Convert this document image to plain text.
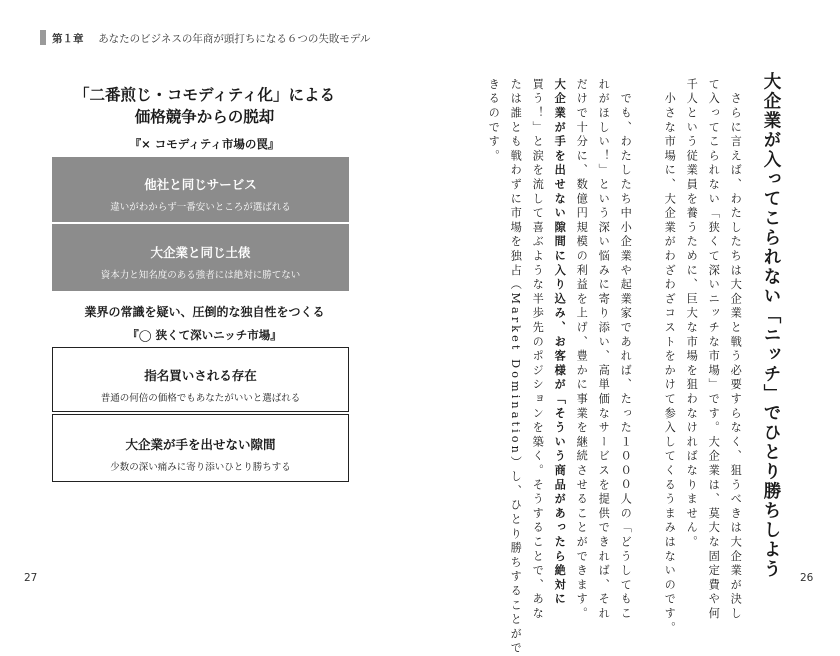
第１章 あなたのビジネスの年商が頭打ちになる６つの失敗モデル
「二番煎じ・コモディティ化」による
価格競争からの脱却
『× コモディティ市場の罠』
他社と同じサービス
違いがわからず一番安いところが選ばれる
大企業と同じ土俵
資本力と知名度のある強者には絶対に勝てない
業界の常識を疑い、圧倒的な独自性をつくる
『◯ 狭くて深いニッチ市場』
指名買いされる存在
普通の何倍の価格でもあなたがいいと選ばれる
大企業が手を出せない隙間
少数の深い痛みに寄り添いひとり勝ちする
27	26
大企業が入ってこられない「ニッチ」でひとり勝ちしよう
　さらに言えば、わたしたちは大企業と戦う必要すらなく、狙うべきは大企業が決し
て入ってこられない「狭くて深いニッチな市場」です。大企業は、莫大な固定費や何
千人という従業員を養うために、巨大な市場を狙わなければなりません。
　小さな市場に、大企業がわざわざコストをかけて参入してくるうまみはないのです。
　でも、わたしたち中小企業や起業家であれば、たった１０００人の「どうしてもこ
れがほしい！」という深い悩みに寄り添い、高単価なサービスを提供できれば、それ
だけで十分に、数億円規模の利益を上げ、豊かに事業を継続させることができます。
大企業が手を出せない隙間に入り込み、お客様が「そういう商品があったら絶対に
買う！」と涙を流して喜ぶような半歩先のポジションを築く。そうすることで、あな
たは誰とも戦わずに市場を独占（Market Domination）し、ひとり勝ちすることがで
きるのです。
